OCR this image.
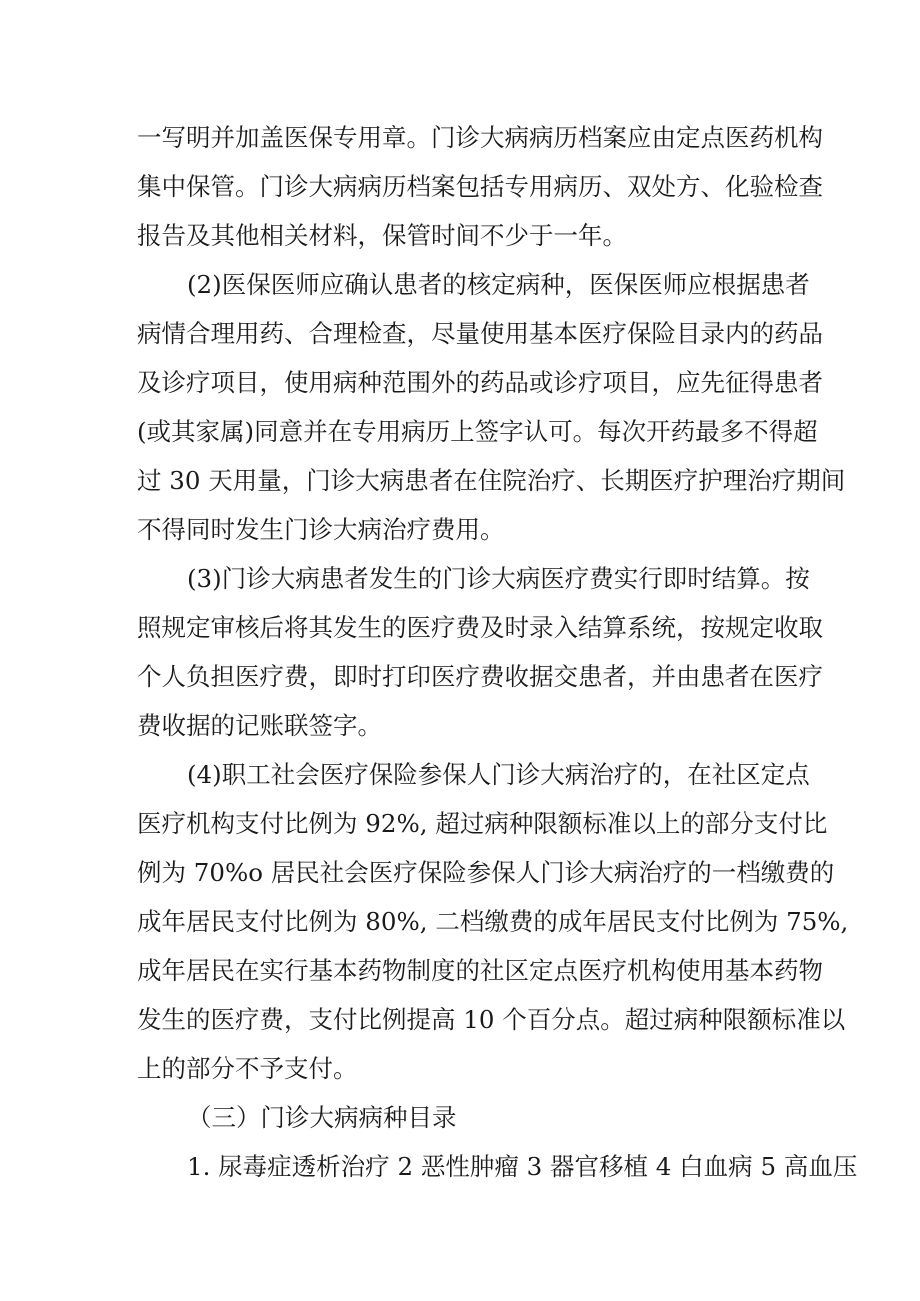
一写明并加盖医保专用章。门诊大病病历档案应由定点医药机构
集中保管。门诊大病病历档案包括专用病历、双处方、化验检查
报告及其他相关材料，保管时间不少于一年。
(2)医保医师应确认患者的核定病种，医保医师应根据患者
病情合理用药、合理检查，尽量使用基本医疗保险目录内的药品
及诊疗项目，使用病种范围外的药品或诊疗项目，应先征得患者
(或其家属)同意并在专用病历上签字认可。每次开药最多不得超
过 30 天用量，门诊大病患者在住院治疗、长期医疗护理治疗期间
不得同时发生门诊大病治疗费用。
(3)门诊大病患者发生的门诊大病医疗费实行即时结算。按
照规定审核后将其发生的医疗费及时录入结算系统，按规定收取
个人负担医疗费，即时打印医疗费收据交患者，并由患者在医疗
费收据的记账联签字。
(4)职工社会医疗保险参保人门诊大病治疗的，在社区定点
医疗机构支付比例为 92%, 超过病种限额标准以上的部分支付比
例为 70%o 居民社会医疗保险参保人门诊大病治疗的一档缴费的
成年居民支付比例为 80%, 二档缴费的成年居民支付比例为 75%,
成年居民在实行基本药物制度的社区定点医疗机构使用基本药物
发生的医疗费，支付比例提高 10 个百分点。超过病种限额标准以
上的部分不予支付。
（三）门诊大病病种目录
1. 尿毒症透析治疗 2 恶性肿瘤 3 器官移植 4 白血病 5 高血压
